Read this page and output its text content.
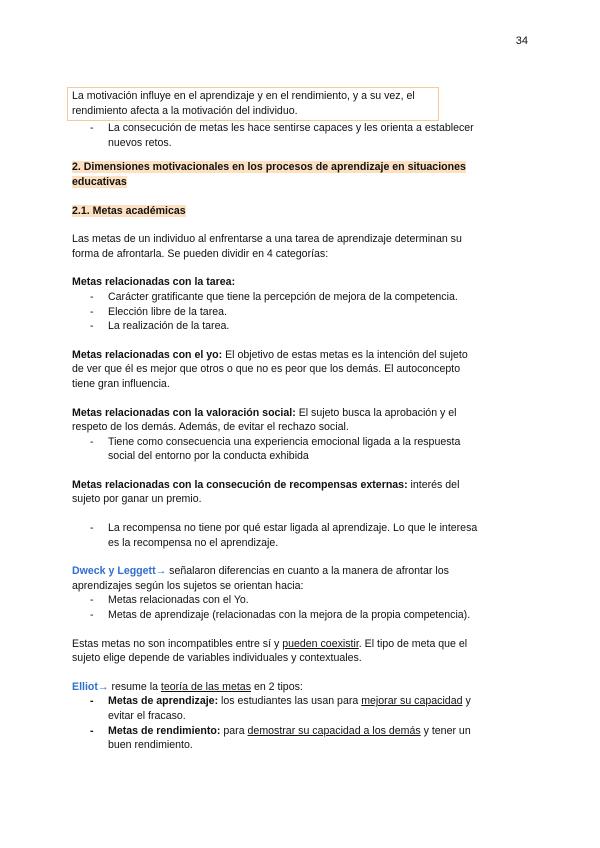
34

La motivación influye en el aprendizaje y en el rendimiento, y a su vez, el rendimiento afecta a la motivación del individuo.

- La consecución de metas les hace sentirse capaces y les orienta a establecer nuevos retos.

2. Dimensiones motivacionales en los procesos de aprendizaje en situaciones educativas

2.1. Metas académicas

Las metas de un individuo al enfrentarse a una tarea de aprendizaje determinan su forma de afrontarla. Se pueden dividir en 4 categorías:

Metas relacionadas con la tarea:

- Carácter gratificante que tiene la percepción de mejora de la competencia.
- Elección libre de la tarea.
- La realización de la tarea.

Metas relacionadas con el yo: El objetivo de estas metas es la intención del sujeto de ver que él es mejor que otros o que no es peor que los demás. El autoconcepto tiene gran influencia.

Metas relacionadas con la valoración social: El sujeto busca la aprobación y el respeto de los demás. Además, de evitar el rechazo social.

- Tiene como consecuencia una experiencia emocional ligada a la respuesta social del entorno por la conducta exhibida

Metas relacionadas con la consecución de recompensas externas: interés del sujeto por ganar un premio.

- La recompensa no tiene por qué estar ligada al aprendizaje. Lo que le interesa es la recompensa no el aprendizaje.

Dweck y Leggett→ señalaron diferencias en cuanto a la manera de afrontar los aprendizajes según los sujetos se orientan hacia:

- Metas relacionadas con el Yo.
- Metas de aprendizaje (relacionadas con la mejora de la propia competencia).

Estas metas no son incompatibles entre sí y pueden coexistir. El tipo de meta que el sujeto elige depende de variables individuales y contextuales.

Elliot→ resume la teoría de las metas en 2 tipos:

- Metas de aprendizaje: los estudiantes las usan para mejorar su capacidad y evitar el fracaso.
- Metas de rendimiento: para demostrar su capacidad a los demás y tener un buen rendimiento.
